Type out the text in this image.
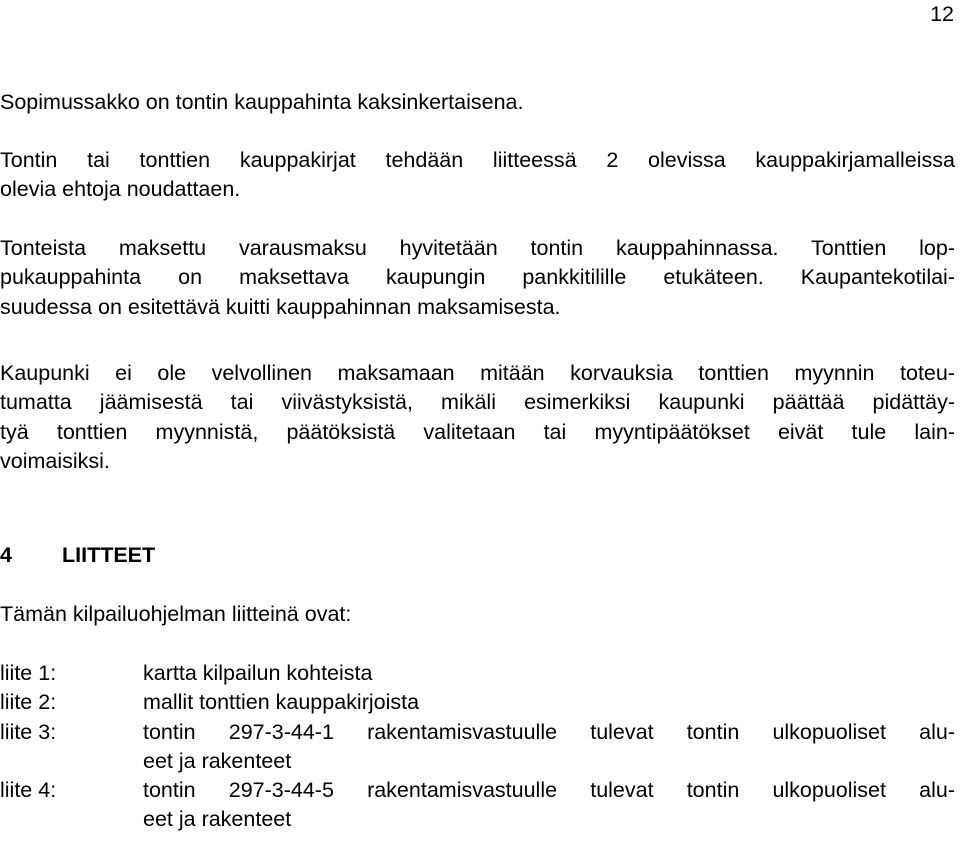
12

Sopimussakko on tontin kauppahinta kaksinkertaisena.

Tontin tai tonttien kauppakirjat tehdään liitteessä 2 olevissa kauppakirjamalleissa
olevia ehtoja noudattaen.

Tonteista maksettu varausmaksu hyvitetään tontin kauppahinnassa. Tonttien lop-
pukauppahinta on maksettava kaupungin pankkitilille etukäteen. Kaupantekotilai-
suudessa on esitettävä kuitti kauppahinnan maksamisesta.

Kaupunki ei ole velvollinen maksamaan mitään korvauksia tonttien myynnin toteu-
tumatta jäämisestä tai viivästyksistä, mikäli esimerkiksi kaupunki päättää pidättäy-
tyä tonttien myynnistä, päätöksistä valitetaan tai myyntipäätökset eivät tule lain-
voimaisiksi.

4 LIITTEET

Tämän kilpailuohjelman liitteinä ovat:

liite 1:	kartta kilpailun kohteista
liite 2:	mallit tonttien kauppakirjoista
liite 3:	tontin 297-3-44-1 rakentamisvastuulle tulevat tontin ulkopuoliset alu-
eet ja rakenteet
liite 4:	tontin 297-3-44-5 rakentamisvastuulle tulevat tontin ulkopuoliset alu-
eet ja rakenteet
